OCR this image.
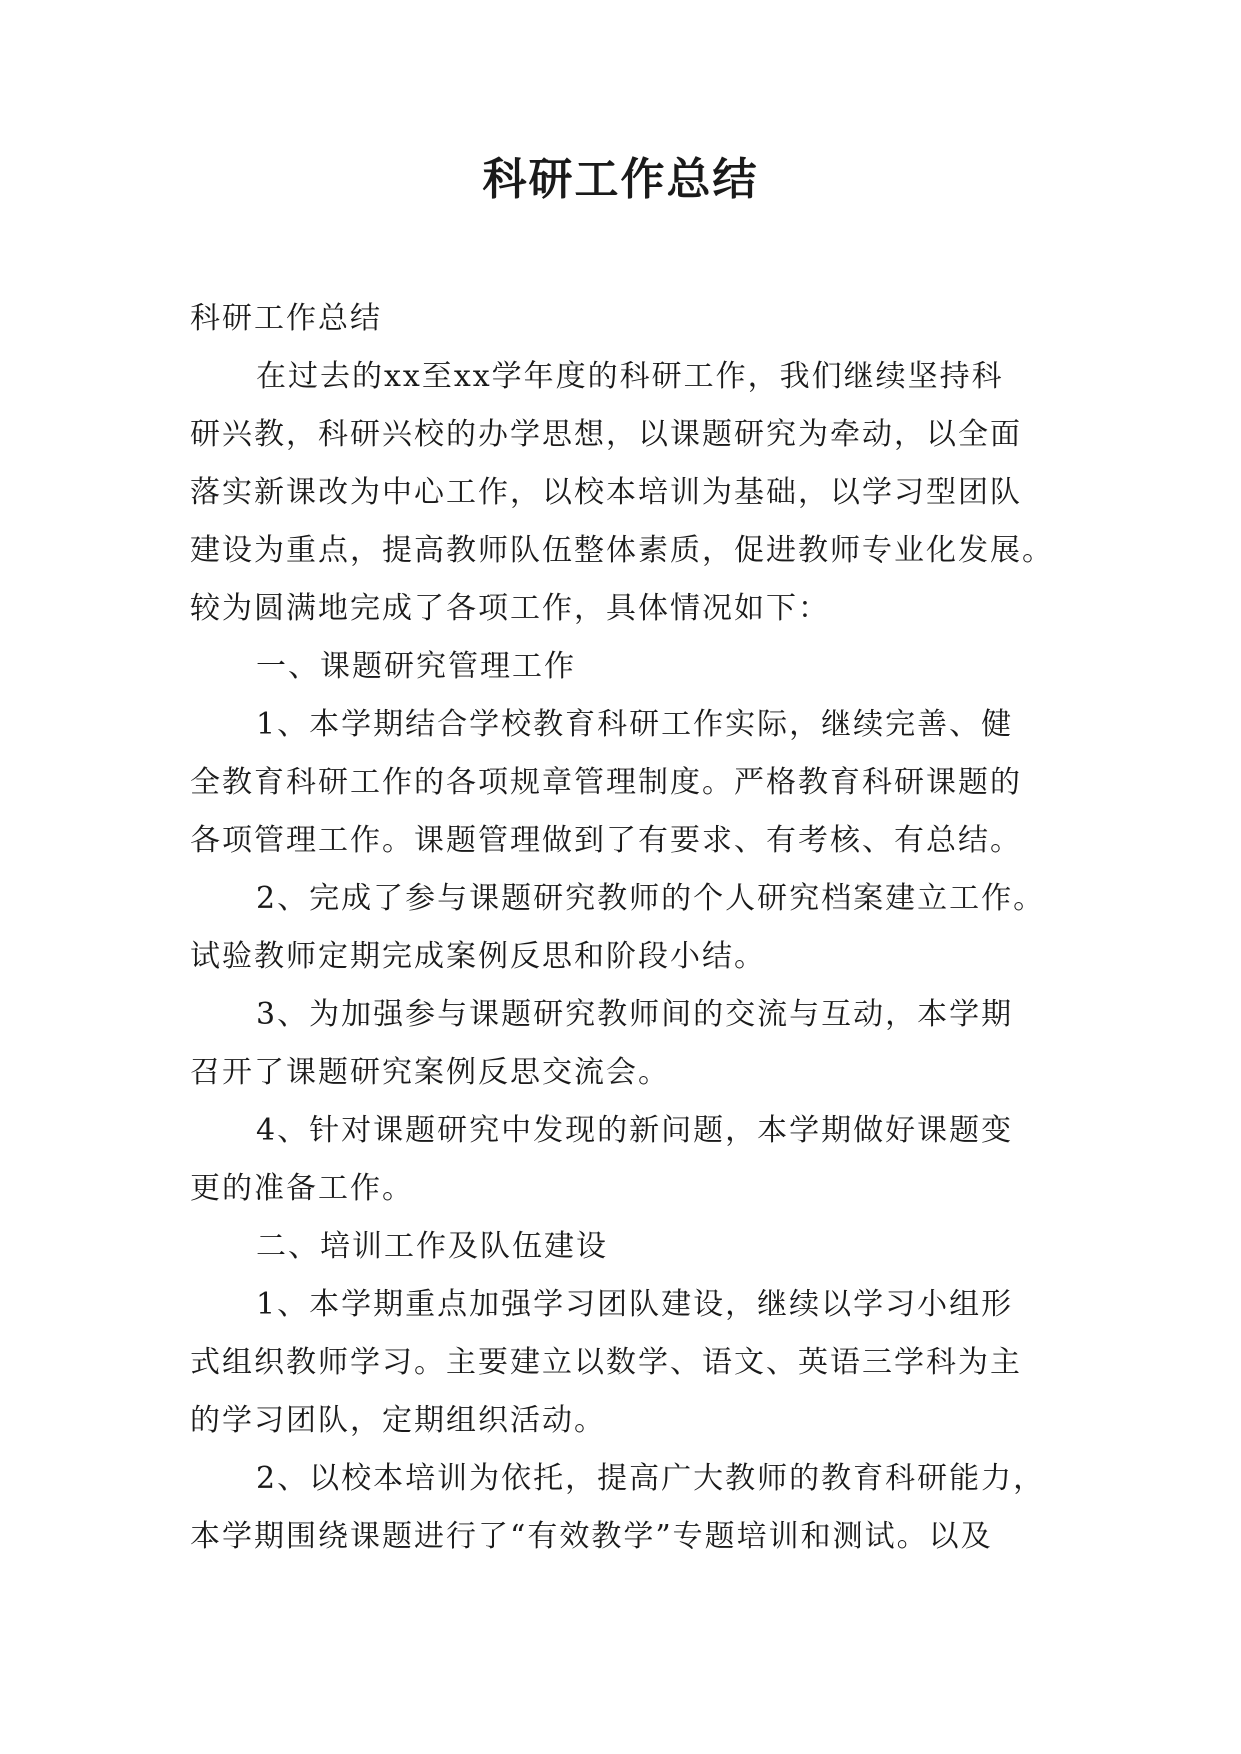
科研工作总结

科研工作总结

在过去的xx至xx学年度的科研工作，我们继续坚持科

研兴教，科研兴校的办学思想，以课题研究为牵动，以全面

落实新课改为中心工作，以校本培训为基础，以学习型团队

建设为重点，提高教师队伍整体素质，促进教师专业化发展。

较为圆满地完成了各项工作，具体情况如下：

一、课题研究管理工作

1、本学期结合学校教育科研工作实际，继续完善、健

全教育科研工作的各项规章管理制度。严格教育科研课题的

各项管理工作。课题管理做到了有要求、有考核、有总结。

2、完成了参与课题研究教师的个人研究档案建立工作。

试验教师定期完成案例反思和阶段小结。

3、为加强参与课题研究教师间的交流与互动，本学期

召开了课题研究案例反思交流会。

4、针对课题研究中发现的新问题，本学期做好课题变

更的准备工作。

二、培训工作及队伍建设

1、本学期重点加强学习团队建设，继续以学习小组形

式组织教师学习。主要建立以数学、语文、英语三学科为主

的学习团队，定期组织活动。

2、以校本培训为依托，提高广大教师的教育科研能力，

本学期围绕课题进行了“有效教学”专题培训和测试。以及
